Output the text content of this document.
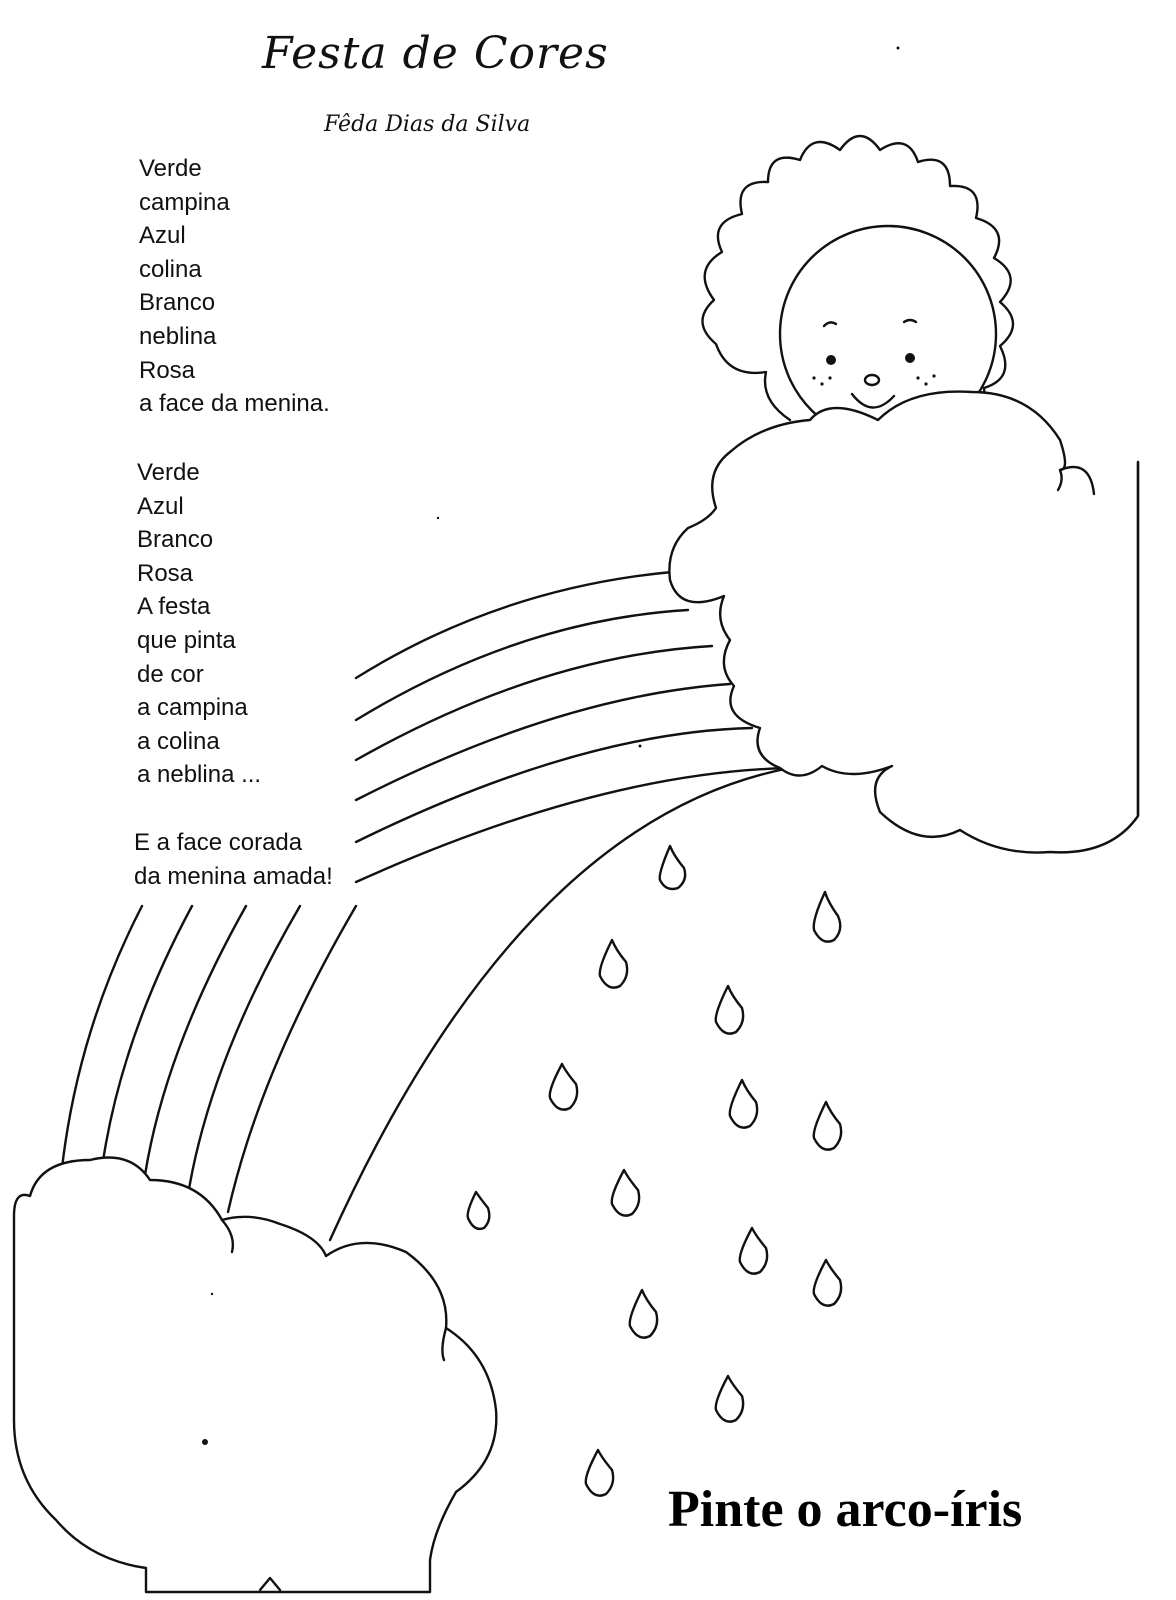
Festa de Cores
Fêda Dias da Silva
Verde
campina
Azul
colina
Branco
neblina
Rosa
a face da menina.
Verde
Azul
Branco
Rosa
A festa
que pinta
de cor
a campina
a colina
a neblina ...
E a face corada
da menina amada!
Pinte o arco-íris
